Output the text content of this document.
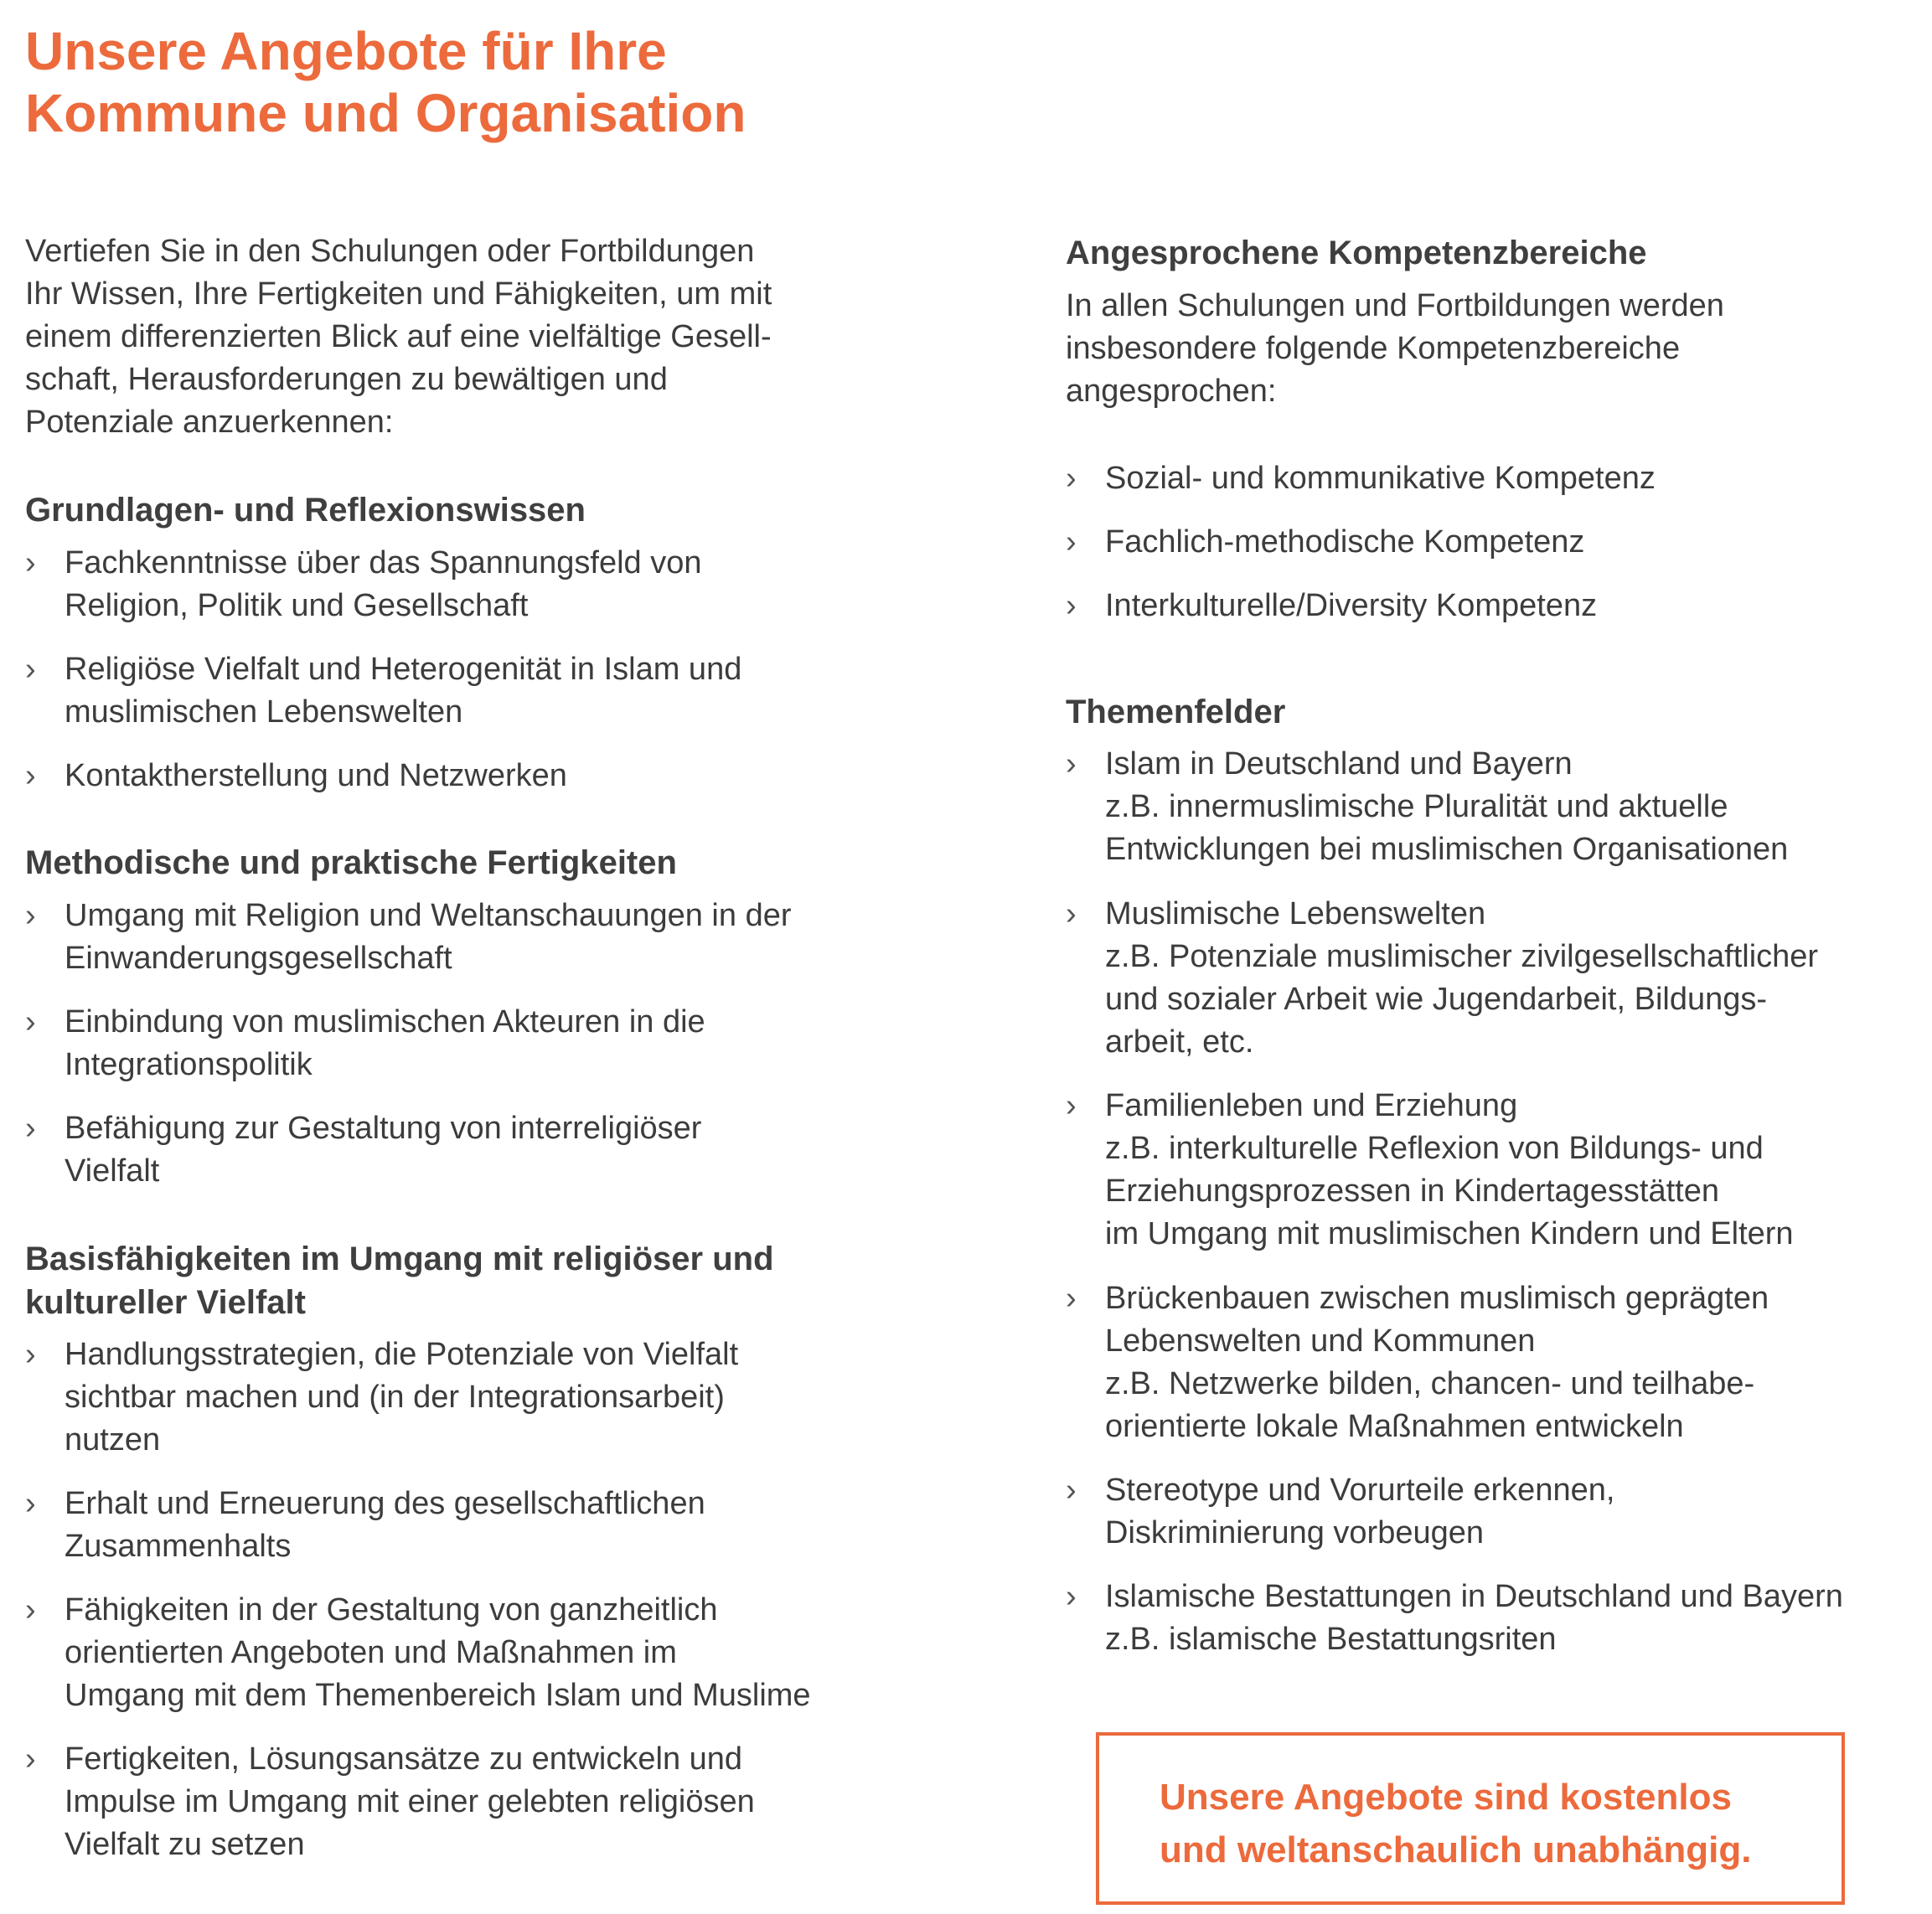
Unsere Angebote für Ihre
Kommune und Organisation
Vertiefen Sie in den Schulungen oder Fortbildungen
Ihr Wissen, Ihre Fertigkeiten und Fähigkeiten, um mit
einem differenzierten Blick auf eine vielfältige Gesell-
schaft, Herausforderungen zu bewältigen und
Potenziale anzuerkennen:
Grundlagen- und Reflexionswissen
› Fachkenntnisse über das Spannungsfeld von
Religion, Politik und Gesellschaft
› Religiöse Vielfalt und Heterogenität in Islam und
muslimischen Lebenswelten
› Kontaktherstellung und Netzwerken
Methodische und praktische Fertigkeiten
› Umgang mit Religion und Weltanschauungen in der
Einwanderungsgesellschaft
› Einbindung von muslimischen Akteuren in die
Integrationspolitik
› Befähigung zur Gestaltung von interreligiöser
Vielfalt
Basisfähigkeiten im Umgang mit religiöser und
kultureller Vielfalt
› Handlungsstrategien, die Potenziale von Vielfalt
sichtbar machen und (in der Integrationsarbeit)
nutzen
› Erhalt und Erneuerung des gesellschaftlichen
Zusammenhalts
› Fähigkeiten in der Gestaltung von ganzheitlich
orientierten Angeboten und Maßnahmen im
Umgang mit dem Themenbereich Islam und Muslime
› Fertigkeiten, Lösungsansätze zu entwickeln und
Impulse im Umgang mit einer gelebten religiösen
Vielfalt zu setzen
Angesprochene Kompetenzbereiche
In allen Schulungen und Fortbildungen werden
insbesondere folgende Kompetenzbereiche
angesprochen:
› Sozial- und kommunikative Kompetenz
› Fachlich-methodische Kompetenz
› Interkulturelle/Diversity Kompetenz
Themenfelder
› Islam in Deutschland und Bayern
z.B. innermuslimische Pluralität und aktuelle
Entwicklungen bei muslimischen Organisationen
› Muslimische Lebenswelten
z.B. Potenziale muslimischer zivilgesellschaftlicher
und sozialer Arbeit wie Jugendarbeit, Bildungs-
arbeit, etc.
› Familienleben und Erziehung
z.B. interkulturelle Reflexion von Bildungs- und
Erziehungsprozessen in Kindertagesstätten
im Umgang mit muslimischen Kindern und Eltern
› Brückenbauen zwischen muslimisch geprägten
Lebenswelten und Kommunen
z.B. Netzwerke bilden, chancen- und teilhabe-
orientierte lokale Maßnahmen entwickeln
› Stereotype und Vorurteile erkennen,
Diskriminierung vorbeugen
› Islamische Bestattungen in Deutschland und Bayern
z.B. islamische Bestattungsriten
Unsere Angebote sind kostenlos
und weltanschaulich unabhängig.
